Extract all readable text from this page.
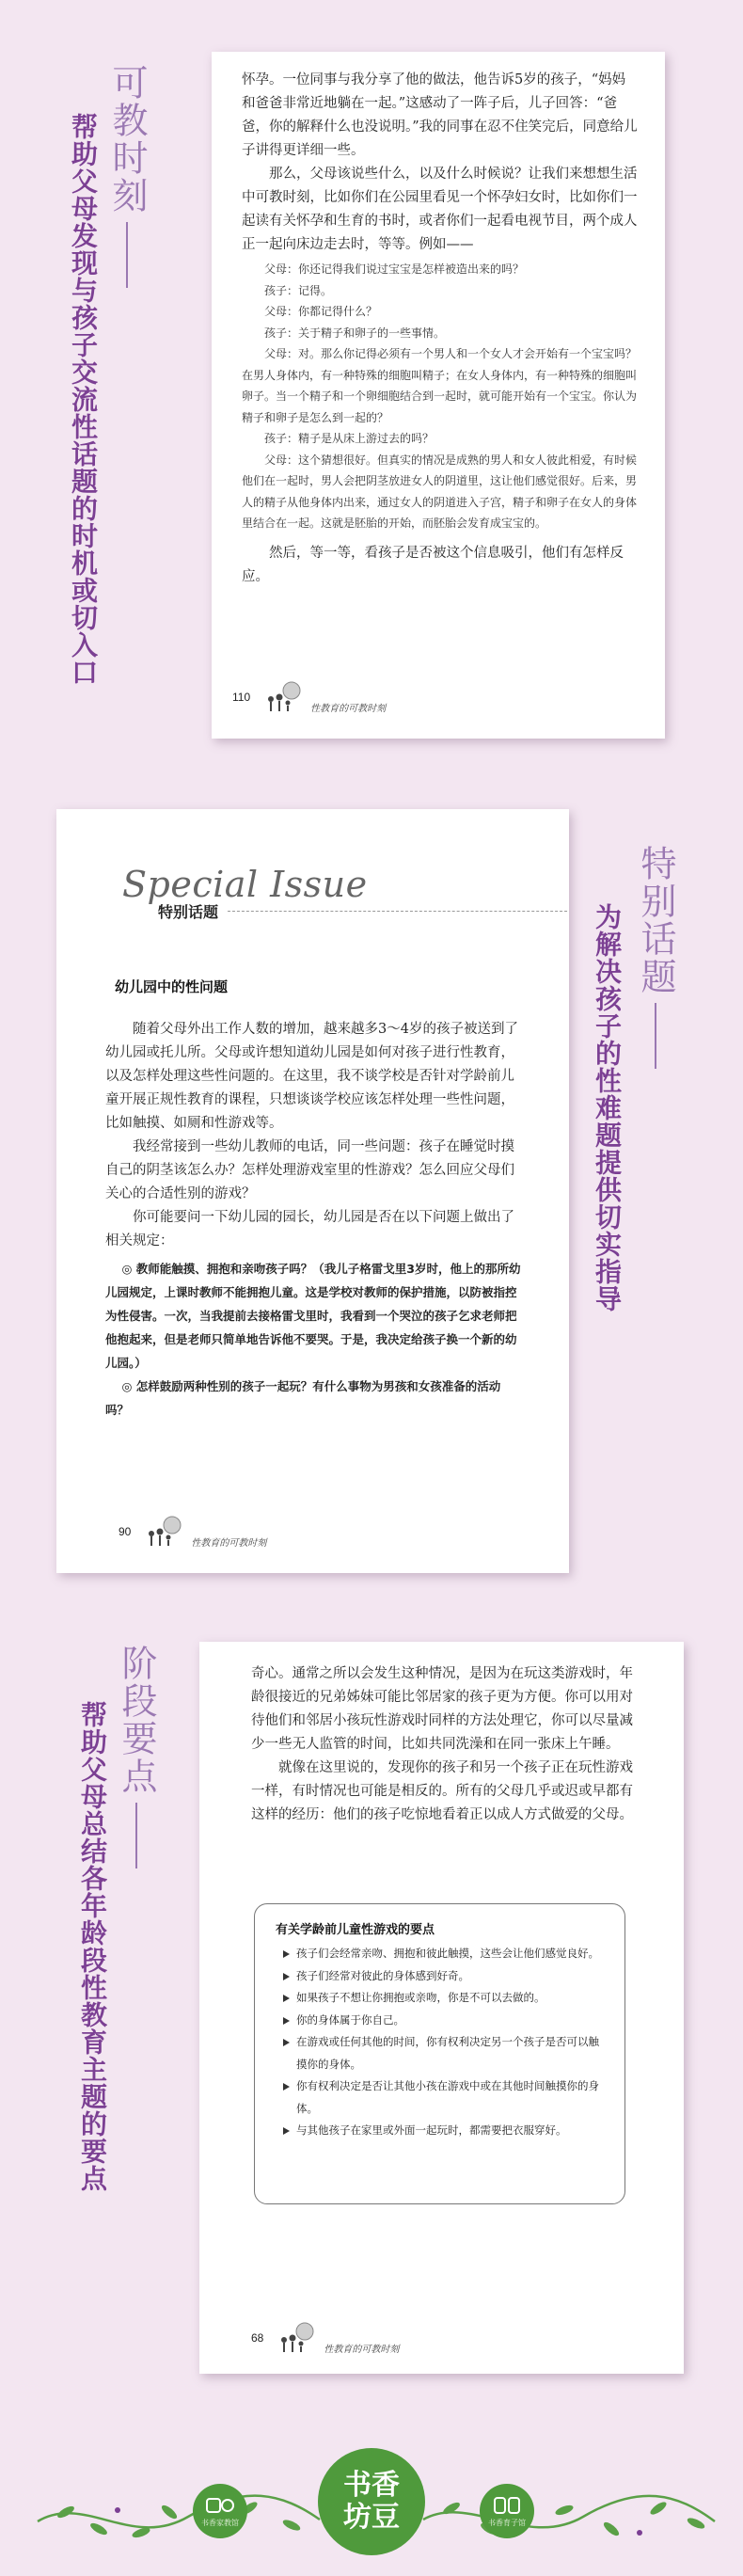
可教时刻
帮助父母发现与孩子交流性话题的时机或切入口

怀孕。一位同事与我分享了他的做法，他告诉5岁的孩子，“妈妈和爸爸非常近地躺在一起。”这感动了一阵子后，儿子回答：“爸爸，你的解释什么也没说明。”我的同事在忍不住笑完后，同意给儿子讲得更详细一些。

那么，父母该说些什么，以及什么时候说？让我们来想想生活中可教时刻，比如你们在公园里看见一个怀孕妇女时，比如你们一起读有关怀孕和生育的书时，或者你们一起看电视节目，两个成人正一起向床边走去时，等等。例如——

父母：你还记得我们说过宝宝是怎样被造出来的吗？
孩子：记得。
父母：你都记得什么？
孩子：关于精子和卵子的一些事情。
父母：对。那么你记得必须有一个男人和一个女人才会开始有一个宝宝吗？在男人身体内，有一种特殊的细胞叫精子；在女人身体内，有一种特殊的细胞叫卵子。当一个精子和一个卵细胞结合到一起时，就可能开始有一个宝宝。你认为精子和卵子是怎么到一起的？
孩子：精子是从床上游过去的吗？
父母：这个猜想很好。但真实的情况是成熟的男人和女人彼此相爱，有时候他们在一起时，男人会把阴茎放进女人的阴道里，这让他们感觉很好。后来，男人的精子从他身体内出来，通过女人的阴道进入子宫，精子和卵子在女人的身体里结合在一起。这就是胚胎的开始，而胚胎会发育成宝宝的。

然后，等一等，看孩子是否被这个信息吸引，他们有怎样反应。

110
性教育的可教时刻
特别话题
为解决孩子的性难题提供切实指导
Special Issue
特别话题
幼儿园中的性问题

随着父母外出工作人数的增加，越来越多3～4岁的孩子被送到了幼儿园或托儿所。父母或许想知道幼儿园是如何对孩子进行性教育，以及怎样处理这些性问题的。在这里，我不谈学校是否针对学龄前儿童开展正规性教育的课程，只想谈谈学校应该怎样处理一些性问题，比如触摸、如厕和性游戏等。

我经常接到一些幼儿教师的电话，同一些问题：孩子在睡觉时摸自己的阴茎该怎么办？怎样处理游戏室里的性游戏？怎么回应父母们关心的合适性别的游戏？

你可能要问一下幼儿园的园长，幼儿园是否在以下问题上做出了相关规定：

◎ 教师能触摸、拥抱和亲吻孩子吗？（我儿子格雷戈里3岁时，他上的那所幼儿园规定，上课时教师不能拥抱儿童。这是学校对教师的保护措施，以防被指控为性侵害。一次，当我提前去接格雷戈里时，我看到一个哭泣的孩子乞求老师把他抱起来，但是老师只简单地告诉他不要哭。于是，我决定给孩子换一个新的幼儿园。）
◎ 怎样鼓励两种性别的孩子一起玩？有什么事物为男孩和女孩准备的活动吗？
90
性教育的可教时刻
阶段要点
帮助父母总结各年龄段性教育主题的要点

奇心。通常之所以会发生这种情况，是因为在玩这类游戏时，年龄很接近的兄弟姊妹可能比邻居家的孩子更为方便。你可以用对待他们和邻居小孩玩性游戏时同样的方法处理它，你可以尽量减少一些无人监管的时间，比如共同洗澡和在同一张床上午睡。

就像在这里说的，发现你的孩子和另一个孩子正在玩性游戏一样，有时情况也可能是相反的。所有的父母几乎或迟或早都有这样的经历：他们的孩子吃惊地看着正以成人方式做爱的父母。

有关学龄前儿童性游戏的要点
孩子们会经常亲吻、拥抱和彼此触摸，这些会让他们感觉良好。
孩子们经常对彼此的身体感到好奇。
如果孩子不想让你拥抱或亲吻，你是不可以去做的。
你的身体属于你自己。
在游戏或任何其他的时间，你有权利决定另一个孩子是否可以触摸你的身体。
你有权利决定是否让其他小孩在游戏中或在其他时间触摸你的身体。
与其他孩子在家里或外面一起玩时，都需要把衣服穿好。
68
性教育的可教时刻
书香家教馆
书香坊豆	书香育子馆
